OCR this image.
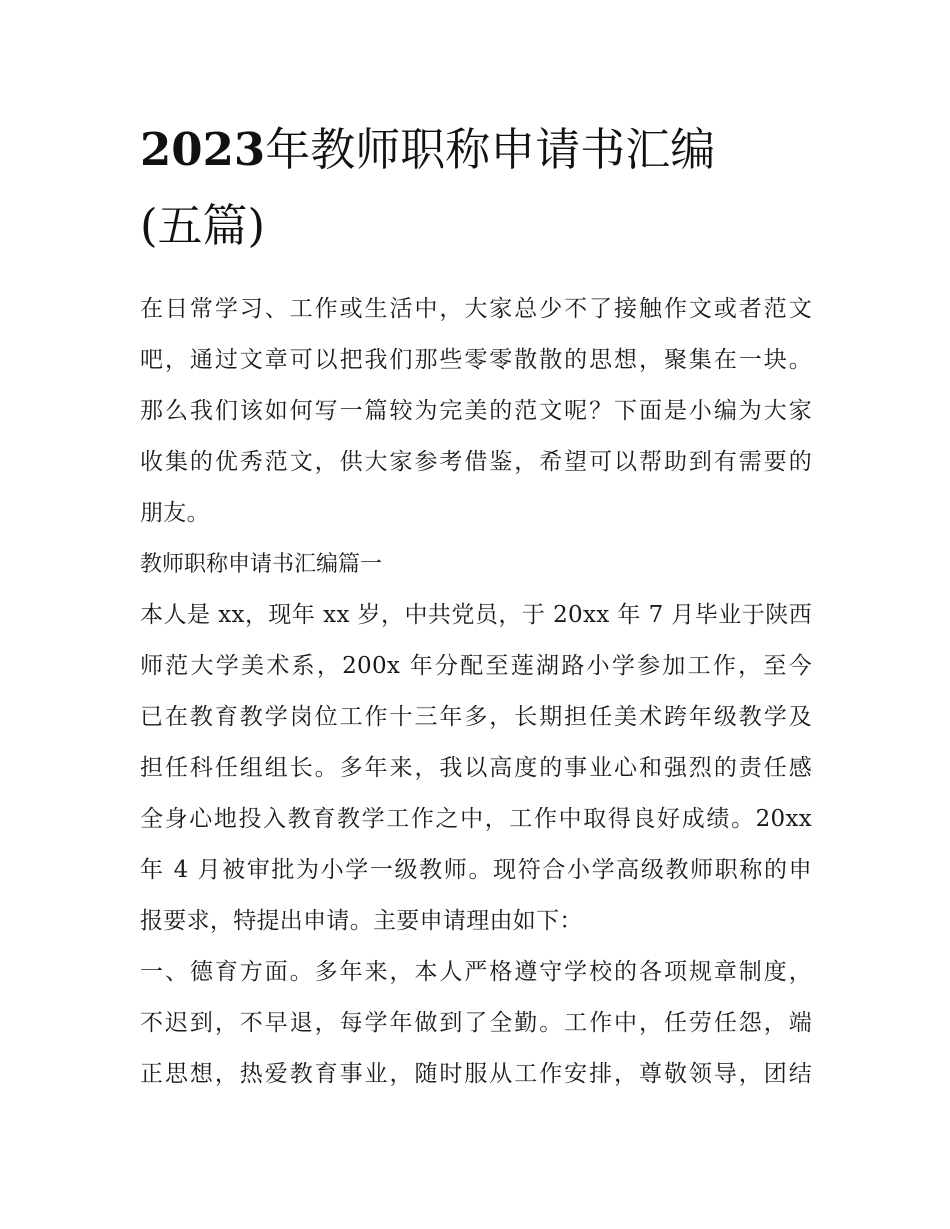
2023年教师职称申请书汇编
(五篇)

在日常学习、工作或生活中，大家总少不了接触作文或者范文
吧，通过文章可以把我们那些零零散散的思想，聚集在一块。
那么我们该如何写一篇较为完美的范文呢？下面是小编为大家
收集的优秀范文，供大家参考借鉴，希望可以帮助到有需要的
朋友。

教师职称申请书汇编篇一

本人是 xx，现年 xx 岁，中共党员，于 20xx 年 7 月毕业于陕西
师范大学美术系，200x 年分配至莲湖路小学参加工作，至今
已在教育教学岗位工作十三年多，长期担任美术跨年级教学及
担任科任组组长。多年来，我以高度的事业心和强烈的责任感
全身心地投入教育教学工作之中，工作中取得良好成绩。20xx
年 4 月被审批为小学一级教师。现符合小学高级教师职称的申
报要求，特提出申请。主要申请理由如下：

一、德育方面。多年来，本人严格遵守学校的各项规章制度，
不迟到，不早退，每学年做到了全勤。工作中，任劳任怨，端
正思想，热爱教育事业，随时服从工作安排，尊敬领导，团结
